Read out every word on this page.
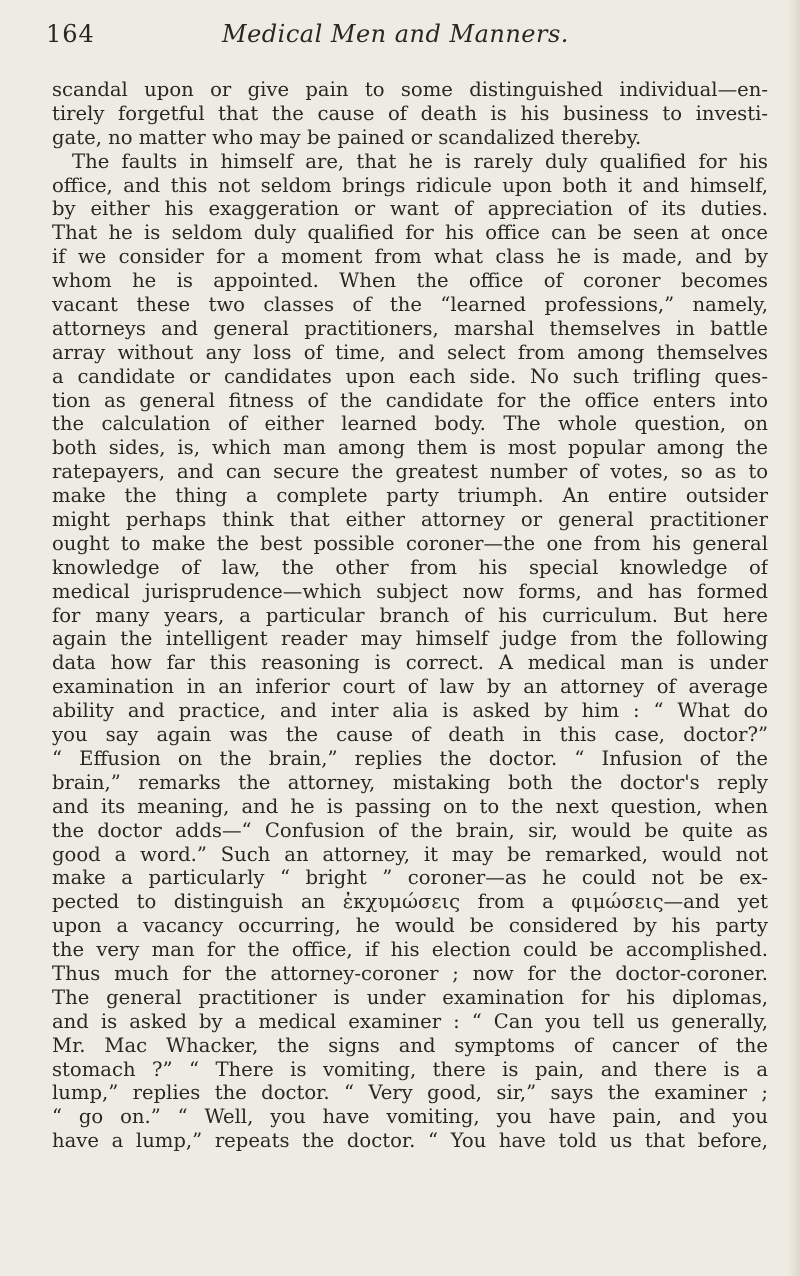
164	Medical Men and Manners.
scandal upon or give pain to some distinguished individual—en-
tirely forgetful that the cause of death is his business to investi-
gate, no matter who may be pained or scandalized thereby.
The faults in himself are, that he is rarely duly qualified for his
office, and this not seldom brings ridicule upon both it and himself,
by either his exaggeration or want of appreciation of its duties.
That he is seldom duly qualified for his office can be seen at once
if we consider for a moment from what class he is made, and by
whom he is appointed. When the office of coroner becomes
vacant these two classes of the “learned professions,” namely,
attorneys and general practitioners, marshal themselves in battle
array without any loss of time, and select from among themselves
a candidate or candidates upon each side. No such trifling ques-
tion as general fitness of the candidate for the office enters into
the calculation of either learned body. The whole question, on
both sides, is, which man among them is most popular among the
ratepayers, and can secure the greatest number of votes, so as to
make the thing a complete party triumph. An entire outsider
might perhaps think that either attorney or general practitioner
ought to make the best possible coroner—the one from his general
knowledge of law, the other from his special knowledge of
medical jurisprudence—which subject now forms, and has formed
for many years, a particular branch of his curriculum. But here
again the intelligent reader may himself judge from the following
data how far this reasoning is correct. A medical man is under
examination in an inferior court of law by an attorney of average
ability and practice, and inter alia is asked by him : “ What do
you say again was the cause of death in this case, doctor?”
“ Effusion on the brain,” replies the doctor. “ Infusion of the
brain,” remarks the attorney, mistaking both the doctor's reply
and its meaning, and he is passing on to the next question, when
the doctor adds—“ Confusion of the brain, sir, would be quite as
good a word.” Such an attorney, it may be remarked, would not
make a particularly “ bright ” coroner—as he could not be ex-
pected to distinguish an ἐκχυμώσεις from a φιμώσεις—and yet
upon a vacancy occurring, he would be considered by his party
the very man for the office, if his election could be accomplished.
Thus much for the attorney-coroner ; now for the doctor-coroner.
The general practitioner is under examination for his diplomas,
and is asked by a medical examiner : “ Can you tell us generally,
Mr. Mac Whacker, the signs and symptoms of cancer of the
stomach ?” “ There is vomiting, there is pain, and there is a
lump,” replies the doctor. “ Very good, sir,” says the examiner ;
“ go on.” “ Well, you have vomiting, you have pain, and you
have a lump,” repeats the doctor. “ You have told us that before,
